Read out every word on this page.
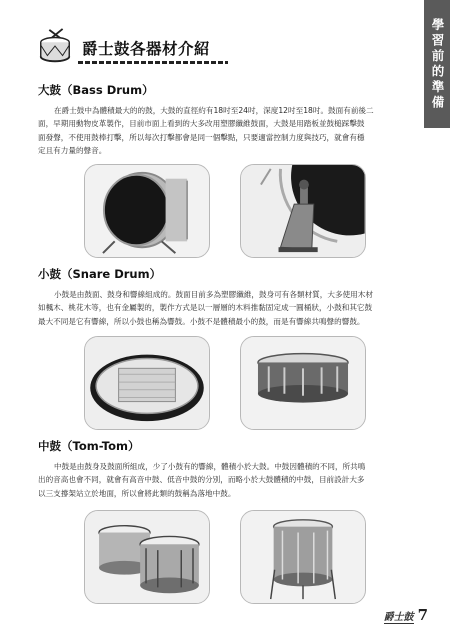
學習前的準備
爵士鼓各器材介紹
大鼓（Bass Drum）
在爵士鼓中為體積最大的的鼓，大鼓的直徑約有18吋至24吋，深度12吋至18吋。鼓面有前後二
面，早期用動物皮革製作，目前市面上看到的大多改用塑膠纖維鼓面，大鼓是用踏板並鼓槌踩擊鼓
面發聲，不使用鼓棒打擊，所以每次打擊都會是同一個擊點，只要適當控制力度與技巧，就會有穩
定且有力量的聲音。
小鼓（Snare Drum）
小鼓是由鼓面、鼓身和響線組成的。鼓面目前多為塑膠纖維，鼓身可有各類材質，大多使用木材
如楓木、桃花木等，也有金屬製的，製作方式是以一層層的木料推黏固定成一圓桶狀，小鼓和其它鼓
最大不同是它有響線，所以小鼓也稱為響鼓。小鼓不是體積最小的鼓，而是有響線共鳴聲的響鼓。
中鼓（Tom-Tom）
中鼓是由鼓身及鼓面所組成，少了小鼓有的響線，體積小於大鼓。中鼓因體積的不同，所共鳴
出的音高也會不同，就會有高音中鼓、低音中鼓的分別，而略小於大鼓體積的中鼓，目前設計大多
以三支撐架站立於地面，所以會將此類的鼓稱為落地中鼓。
爵士鼓 7
